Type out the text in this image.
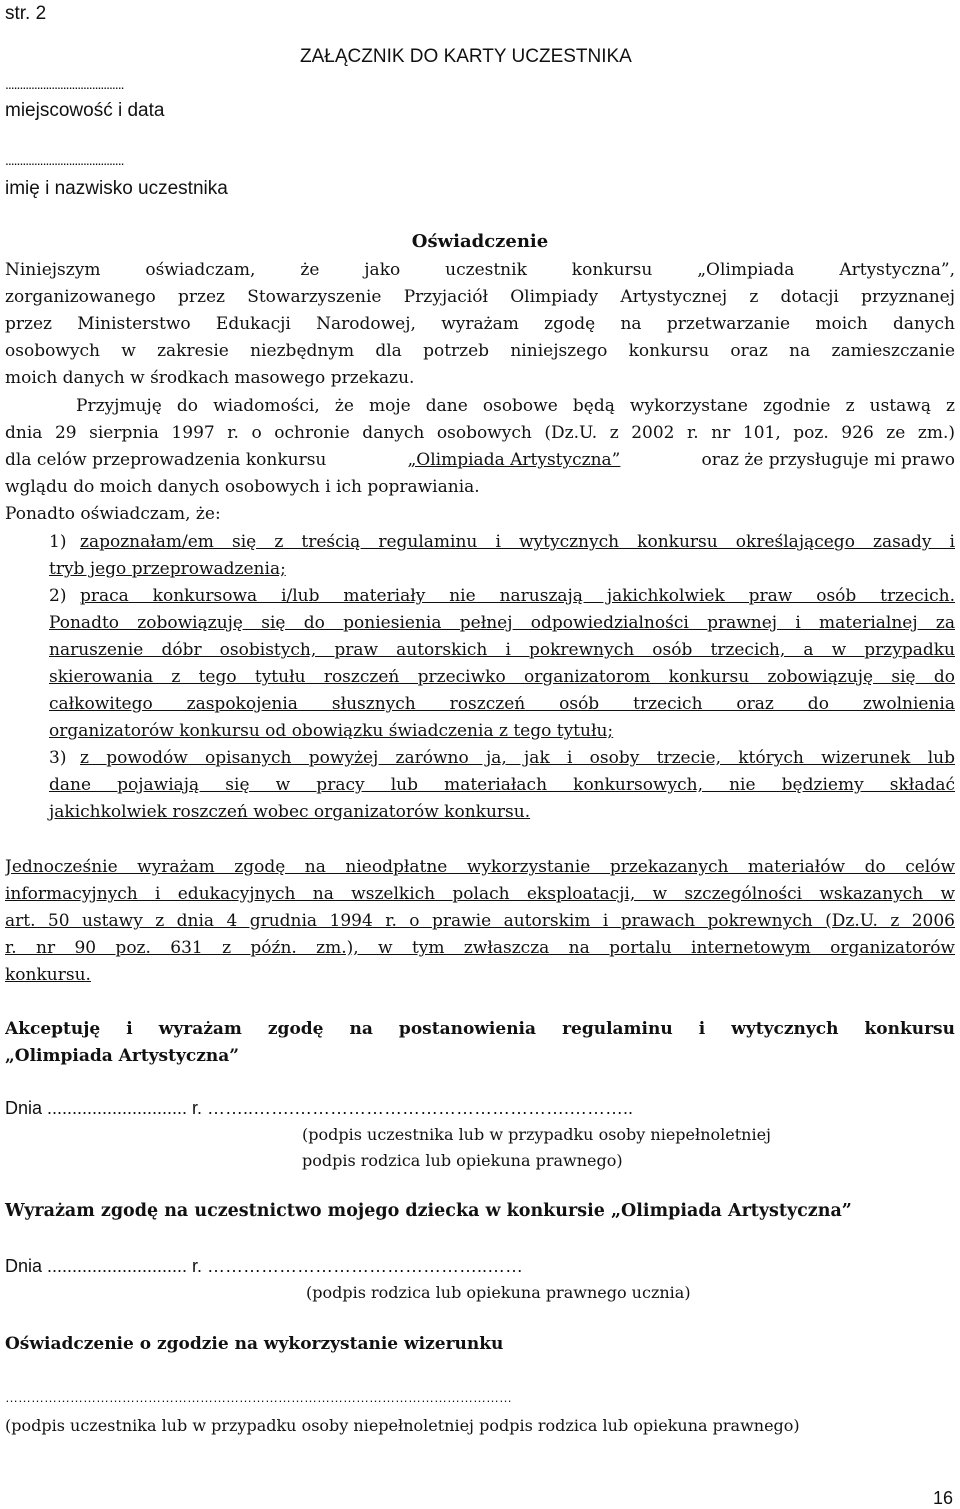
str. 2
ZAŁĄCZNIK DO KARTY UCZESTNIKA
.........................................
miejscowość i data
.........................................
imię i nazwisko uczestnika
Oświadczenie
Niniejszym oświadczam, że jako uczestnik konkursu „Olimpiada Artystyczna”,
zorganizowanego przez Stowarzyszenie Przyjaciół Olimpiady Artystycznej z dotacji przyznanej
przez Ministerstwo Edukacji Narodowej, wyrażam zgodę na przetwarzanie moich danych
osobowych w zakresie niezbędnym dla potrzeb niniejszego konkursu oraz na zamieszczanie
moich danych w środkach masowego przekazu.
Przyjmuję do wiadomości, że moje dane osobowe będą wykorzystane zgodnie z ustawą z
dnia 29 sierpnia 1997 r. o ochronie danych osobowych (Dz.U. z 2002 r. nr 101, poz. 926 ze zm.)
dla celów przeprowadzenia konkursu	„Olimpiada Artystyczna”	oraz że przysługuje mi prawo
wglądu do moich danych osobowych i ich poprawiania.
Ponadto oświadczam, że:
1) zapoznałam/em się z treścią regulaminu i wytycznych konkursu określającego zasady i
tryb jego przeprowadzenia;
2) praca konkursowa i/lub materiały nie naruszają jakichkolwiek praw osób trzecich.
Ponadto zobowiązuję się do poniesienia pełnej odpowiedzialności prawnej i materialnej za
naruszenie dóbr osobistych, praw autorskich i pokrewnych osób trzecich, a w przypadku
skierowania z tego tytułu roszczeń przeciwko organizatorom konkursu zobowiązuję się do
całkowitego zaspokojenia słusznych roszczeń osób trzecich oraz do zwolnienia
organizatorów konkursu od obowiązku świadczenia z tego tytułu;
3) z powodów opisanych powyżej zarówno ja, jak i osoby trzecie, których wizerunek lub
dane pojawiają się w pracy lub materiałach konkursowych, nie będziemy składać
jakichkolwiek roszczeń wobec organizatorów konkursu.
Jednocześnie wyrażam zgodę na nieodpłatne wykorzystanie przekazanych materiałów do celów
informacyjnych i edukacyjnych na wszelkich polach eksploatacji, w szczególności wskazanych w
art. 50 ustawy z dnia 4 grudnia 1994 r. o prawie autorskim i prawach pokrewnych (Dz.U. z 2006
r. nr 90 poz. 631 z późn. zm.), w tym zwłaszcza na portalu internetowym organizatorów
konkursu.
Akceptuję i wyrażam zgodę na postanowienia regulaminu i wytycznych konkursu
„Olimpiada Artystyczna”
Dnia ............................ r. ……..…….……………………………………….………..
(podpis uczestnika lub w przypadku osoby niepełnoletniej
podpis rodzica lub opiekuna prawnego)
Wyrażam zgodę na uczestnictwo mojego dziecka w konkursie „Olimpiada Artystyczna”
Dnia ............................ r. ………………………………………..……
(podpis rodzica lub opiekuna prawnego ucznia)
Oświadczenie o zgodzie na wykorzystanie wizerunku
………………………………………………………………………………………………………
(podpis uczestnika lub w przypadku osoby niepełnoletniej podpis rodzica lub opiekuna prawnego)
16
